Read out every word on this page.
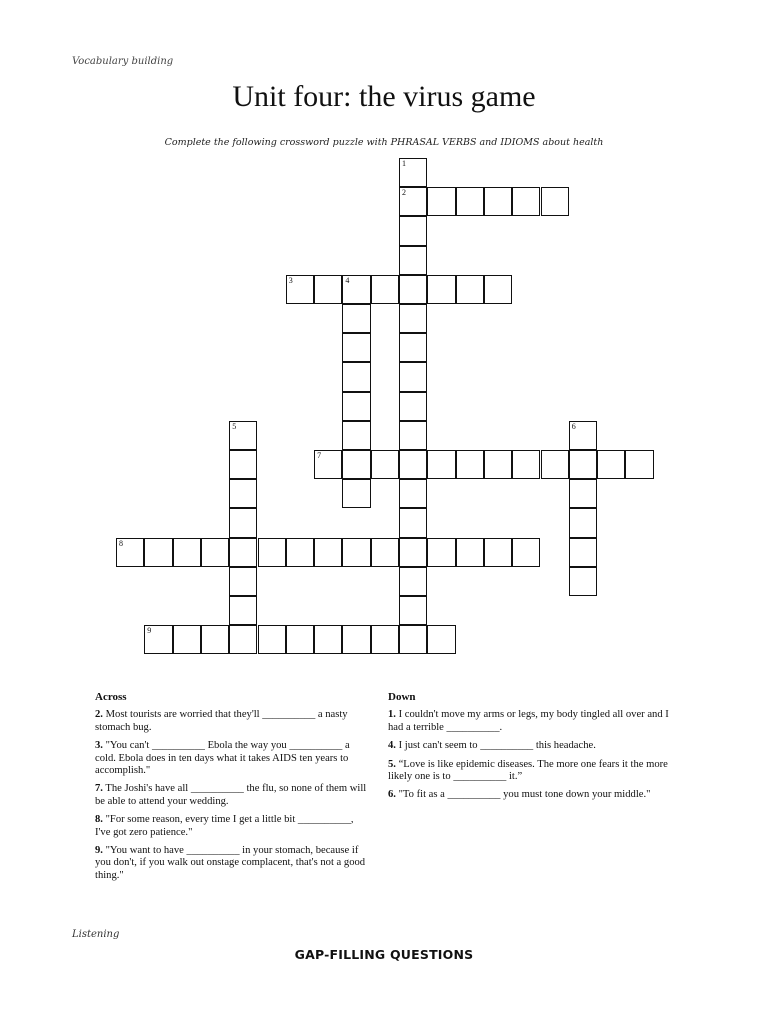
Vocabulary building
Unit four: the virus game
Complete the following crossword puzzle with PHRASAL VERBS and IDIOMS about health
1
2
3	4
5	6
7
8
9
Across
2. Most tourists are worried that they'll __________ a nasty stomach bug.
3. "You can't __________ Ebola the way you __________ a cold. Ebola does in ten days what it takes AIDS ten years to accomplish."
7. The Joshi's have all __________ the flu, so none of them will be able to attend your wedding.
8. "For some reason, every time I get a little bit __________, I've got zero patience."
9. "You want to have __________ in your stomach, because if you don't, if you walk out onstage complacent, that's not a good thing."
Down
1. I couldn't move my arms or legs, my body tingled all over and I had a terrible __________.
4. I just can't seem to __________ this headache.
5. “Love is like epidemic diseases. The more one fears it the more likely one is to __________ it.”
6. "To fit as a __________ you must tone down your middle."
Listening
GAP-FILLING QUESTIONS
